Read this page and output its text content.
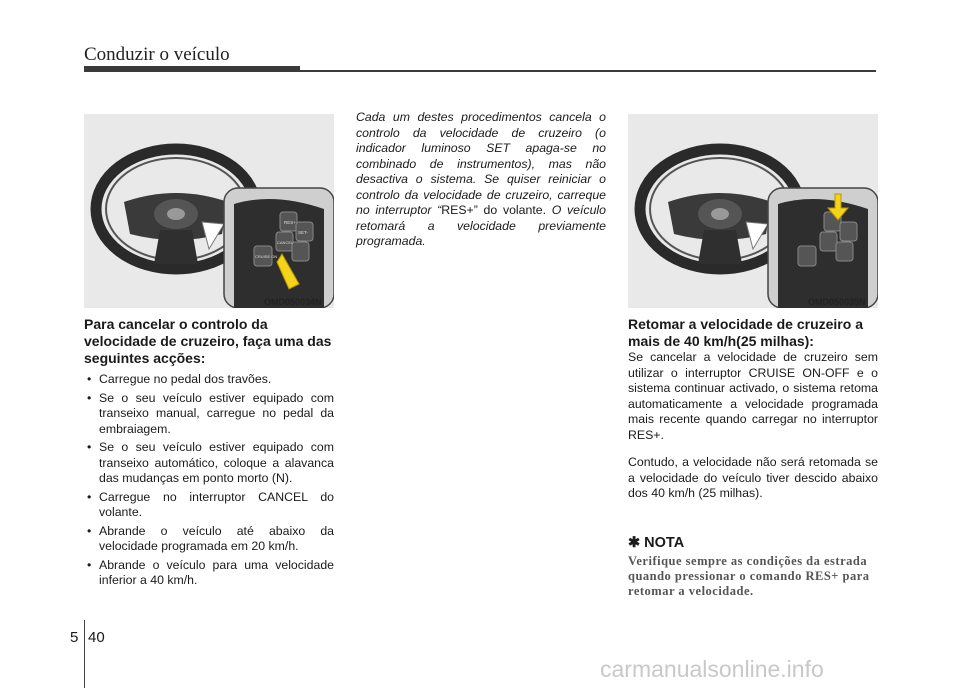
Conduzir o veículo
RES+
SET-
CANCEL
CRUISE ON
OMD050034N
Para cancelar o controlo da velocidade de cruzeiro, faça uma das seguintes acções:
• Carregue no pedal dos travões.
• Se o seu veículo estiver equipado com transeixo manual, carregue no pedal da embraiagem.
• Se o seu veículo estiver equipado com transeixo automático, coloque a alavanca das mudanças em ponto morto (N).
• Carregue no interruptor CANCEL do volante.
• Abrande o veículo até abaixo da velocidade programada em 20 km/h.
• Abrande o veículo para uma velocidade inferior a 40 km/h.

Cada um destes procedimentos cancela o controlo da velocidade de cruzeiro (o indicador luminoso SET apaga-se no combinado de instrumentos), mas não desactiva o sistema. Se quiser reiniciar o controlo da velocidade de cruzeiro, carreque no interruptor “RES+” do volante. O veículo retomará a velocidade previamente programada.

OMD050035N
Retomar a velocidade de cruzeiro a mais de 40 km/h(25 milhas):

Se cancelar a velocidade de cruzeiro sem utilizar o interruptor CRUISE ON-OFF e o sistema continuar activado, o sistema retoma automaticamente a velocidade programada mais recente quando carregar no interruptor RES+.

Contudo, a velocidade não será retomada se a velocidade do veículo tiver descido abaixo dos 40 km/h (25 milhas).

✱ NOTA

Verifique sempre as condições da estrada quando pressionar o comando RES+ para retomar a velocidade.

5 40
carmanualsonline.info
